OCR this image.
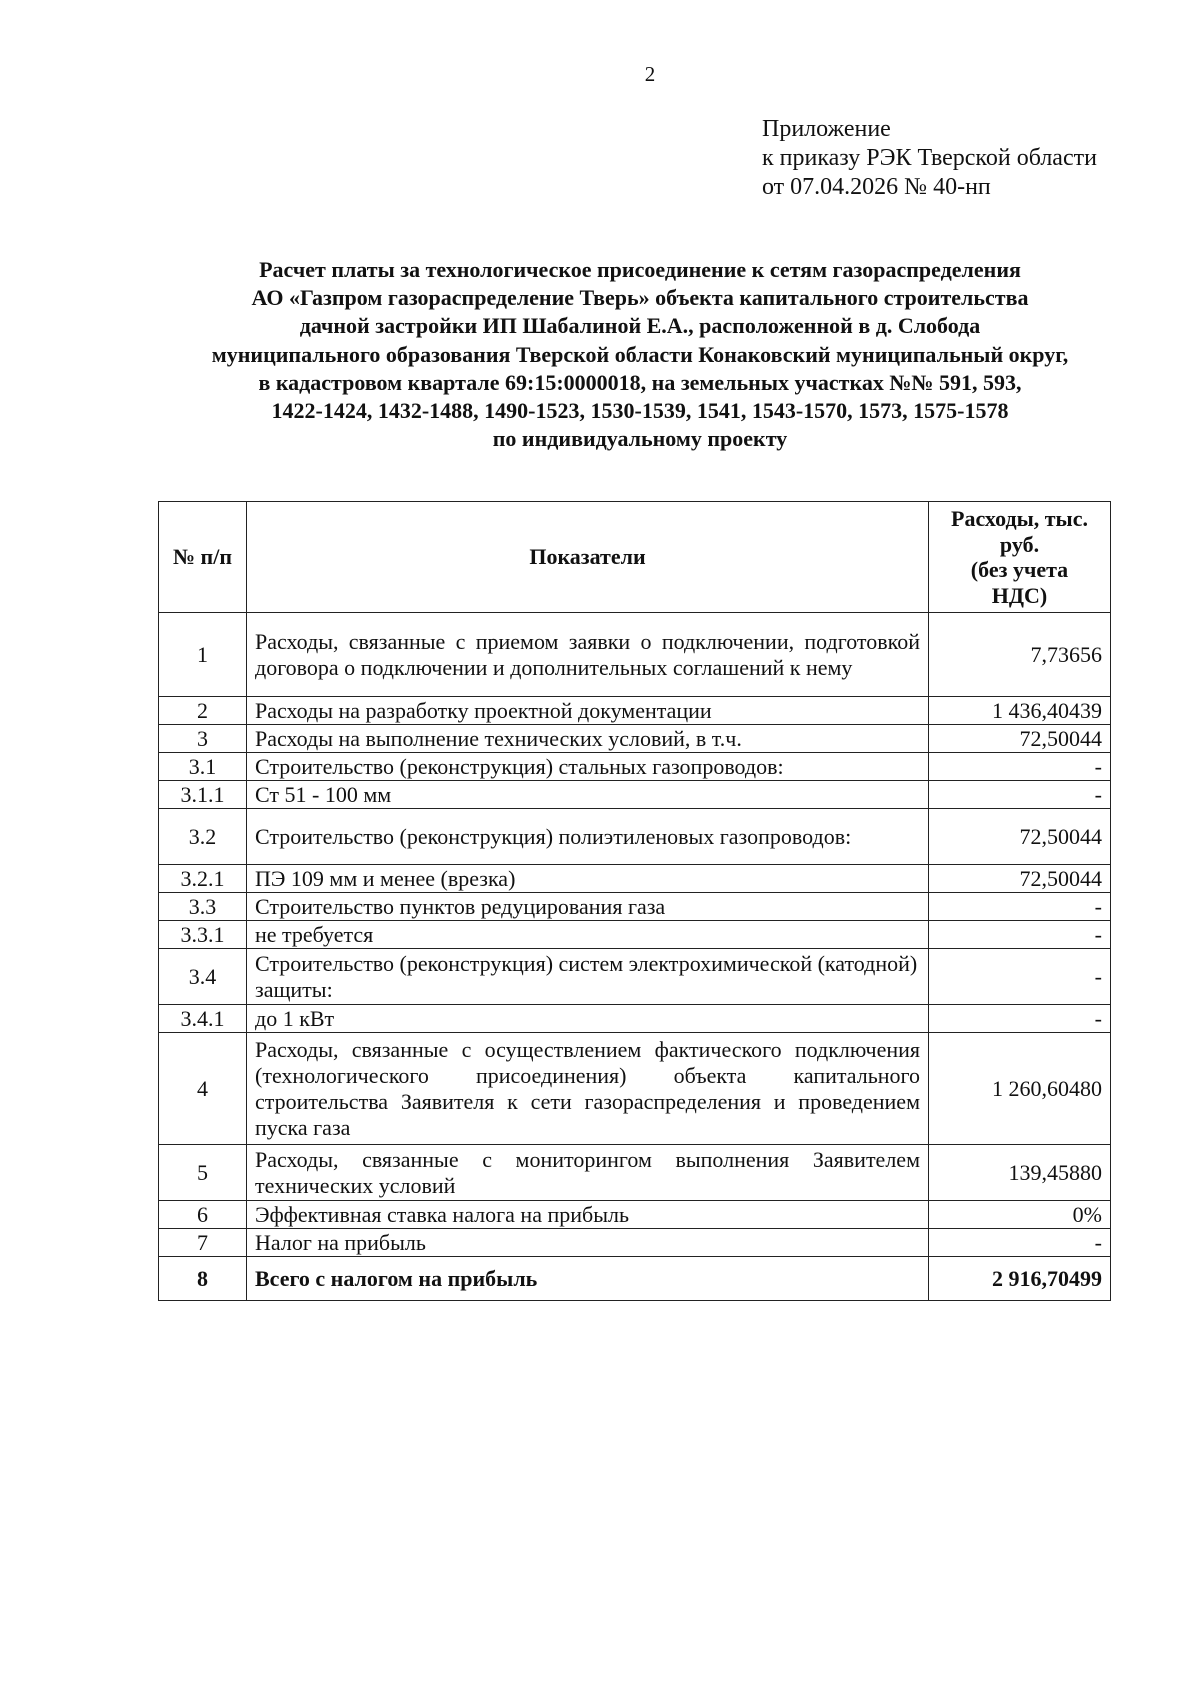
2
Приложение
к приказу РЭК Тверской области
от 07.04.2026 № 40-нп
Расчет платы за технологическое присоединение к сетям газораспределения
АО «Газпром газораспределение Тверь» объекта капитального строительства
дачной застройки ИП Шабалиной Е.А., расположенной в д. Слобода
муниципального образования Тверской области Конаковский муниципальный округ,
в кадастровом квартале 69:15:0000018, на земельных участках №№ 591, 593,
1422-1424, 1432-1488, 1490-1523, 1530-1539, 1541, 1543-1570, 1573, 1575-1578
по индивидуальному проекту
№ п/п	Показатели	Расходы, тыс.
руб.
(без учета
НДС)

1	Расходы, связанные с приемом заявки о подключении, подготовкой договора о подключении и дополнительных соглашений к нему	7,73656
2	Расходы на разработку проектной документации	1 436,40439
3	Расходы на выполнение технических условий, в т.ч.	72,50044
3.1	Строительство (реконструкция) стальных газопроводов:	-
3.1.1	Ст 51 - 100 мм	-
3.2	Строительство (реконструкция) полиэтиленовых газопроводов:	72,50044
3.2.1	ПЭ 109 мм и менее (врезка)	72,50044
3.3	Строительство пунктов редуцирования газа	-
3.3.1	не требуется	-
3.4	Строительство (реконструкция) систем электрохимической (катодной) защиты:	-
3.4.1	до 1 кВт	-
4	Расходы, связанные с осуществлением фактического подключения (технологического присоединения) объекта капитального строительства Заявителя к сети газораспределения и проведением пуска газа	1 260,60480
5	Расходы, связанные с мониторингом выполнения Заявителем технических условий	139,45880
6	Эффективная ставка налога на прибыль	0%
7	Налог на прибыль	-
8	Всего с налогом на прибыль	2 916,70499
